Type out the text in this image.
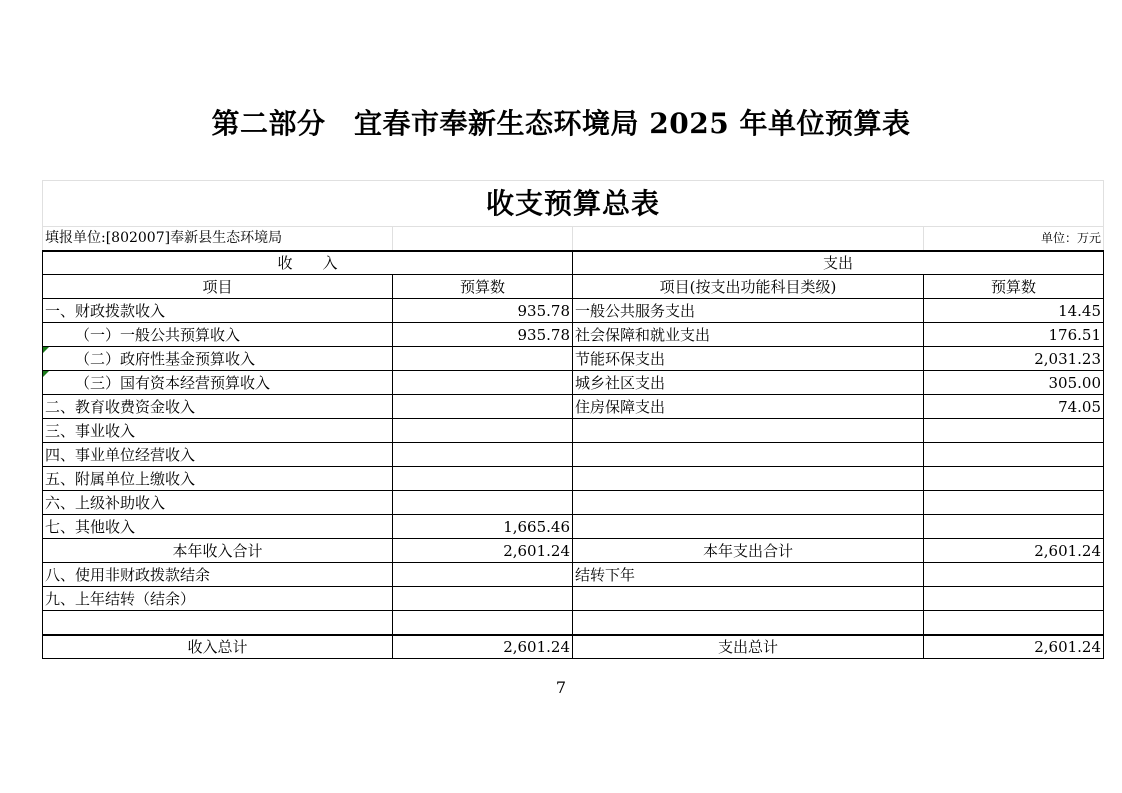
第二部分　宜春市奉新生态环境局 2025 年单位预算表
收支预算总表			
填报单位:[802007]奉新县生态环境局			单位：万元
收　　入		支出	
项目	预算数	项目(按支出功能科目类级)	预算数
一、财政拨款收入	935.78	一般公共服务支出	14.45
（一）一般公共预算收入	935.78	社会保障和就业支出	176.51
（二）政府性基金预算收入		节能环保支出	2,031.23
（三）国有资本经营预算收入		城乡社区支出	305.00
二、教育收费资金收入		住房保障支出	74.05
三、事业收入			
四、事业单位经营收入			
五、附属单位上缴收入			
六、上级补助收入			
七、其他收入	1,665.46		
本年收入合计	2,601.24	本年支出合计	2,601.24
八、使用非财政拨款结余		结转下年	
九、上年结转（结余）			

收入总计	2,601.24	支出总计	2,601.24
7
